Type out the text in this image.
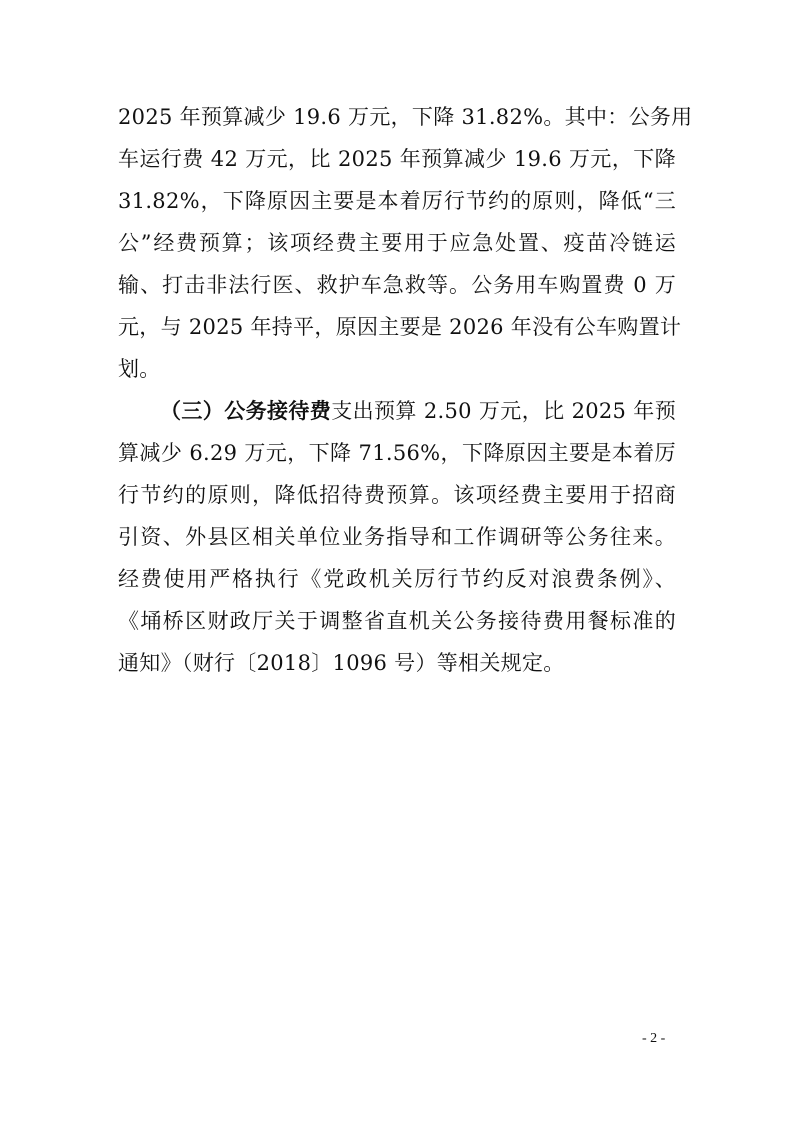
2025 年预算减少 19.6 万元，下降 31.82%。其中：公务用
车运行费 42 万元，比 2025 年预算减少 19.6 万元，下降
31.82%，下降原因主要是本着厉行节约的原则，降低“三
公”经费预算；该项经费主要用于应急处置、疫苗冷链运
输、打击非法行医、救护车急救等。公务用车购置费 0 万
元，与 2025 年持平，原因主要是 2026 年没有公车购置计
划。
（三）公务接待费支出预算 2.50 万元，比 2025 年预
算减少 6.29 万元，下降 71.56%，下降原因主要是本着厉
行节约的原则，降低招待费预算。该项经费主要用于招商
引资、外县区相关单位业务指导和工作调研等公务往来。
经费使用严格执行《党政机关厉行节约反对浪费条例》、
《埇桥区财政厅关于调整省直机关公务接待费用餐标准的
通知》（财行〔2018〕1096 号）等相关规定。
- 2 -
